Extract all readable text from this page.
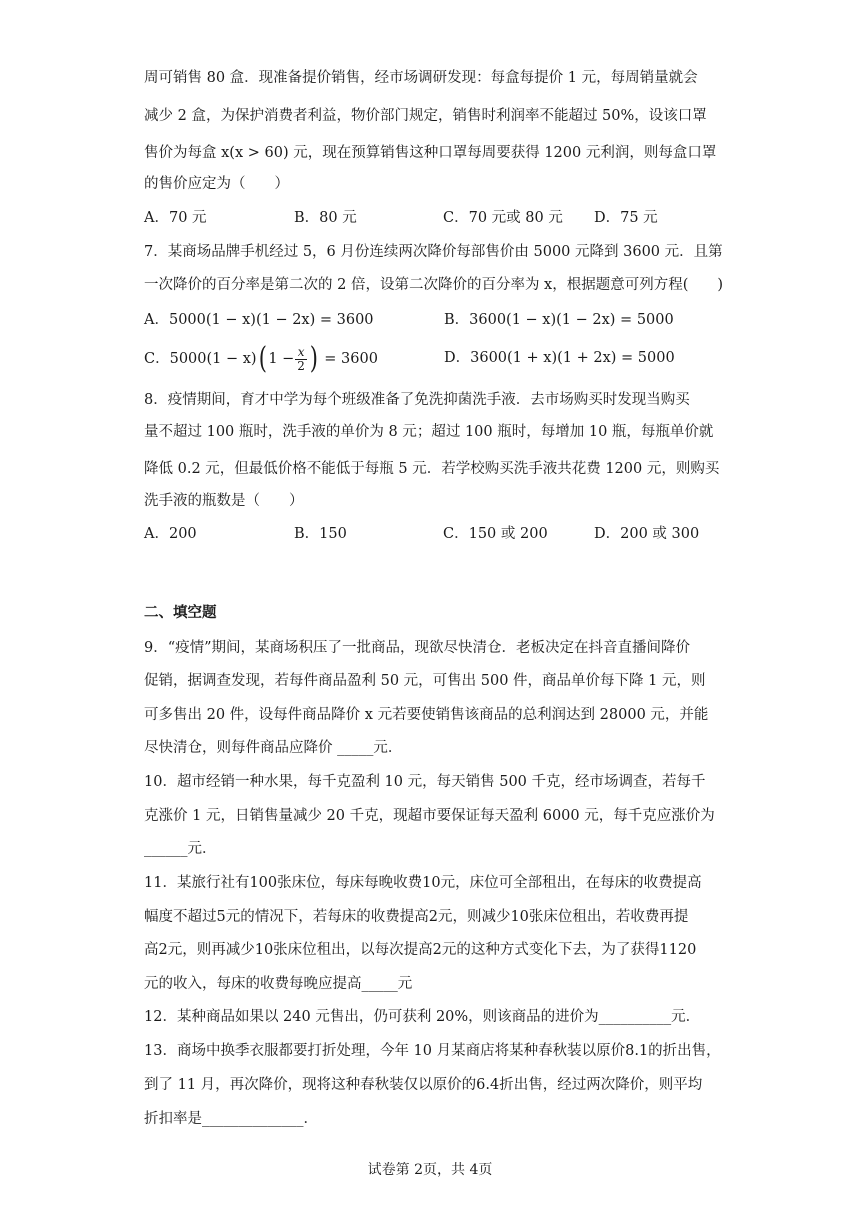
周可销售 80 盒．现准备提价销售，经市场调研发现：每盒每提价 1 元，每周销量就会
减少 2 盒，为保护消费者利益，物价部门规定，销售时利润率不能超过 50%，设该口罩
售价为每盒 x(x > 60) 元，现在预算销售这种口罩每周要获得 1200 元利润，则每盒口罩
的售价应定为（　　）
A．70 元	B．80 元	C．70 元或 80 元 D．75 元
7．某商场品牌手机经过 5，6 月份连续两次降价每部售价由 5000 元降到 3600 元．且第
一次降价的百分率是第二次的 2 倍，设第二次降价的百分率为 x，根据题意可列方程(　　)
A．5000(1 − x)(1 − 2x) = 3600	B．3600(1 − x)(1 − 2x) = 5000
C．5000(1 − x)( $1 - \frac{x}{2}$ ) = 3600	D．3600(1 + x)(1 + 2x) = 5000
8．疫情期间，育才中学为每个班级准备了免洗抑菌洗手液．去市场购买时发现当购买
量不超过 100 瓶时，洗手液的单价为 8 元；超过 100 瓶时，每增加 10 瓶，每瓶单价就
降低 0.2 元，但最低价格不能低于每瓶 5 元．若学校购买洗手液共花费 1200 元，则购买
洗手液的瓶数是（　　）
A．200	B．150	C．150 或 200	D．200 或 300
二、填空题
9．“疫情”期间，某商场积压了一批商品，现欲尽快清仓．老板决定在抖音直播间降价
促销，据调查发现，若每件商品盈利 50 元，可售出 500 件，商品单价每下降 1 元，则
可多售出 20 件，设每件商品降价 x 元若要使销售该商品的总利润达到 28000 元，并能
尽快清仓，则每件商品应降价 _____元．
10．超市经销一种水果，每千克盈利 10 元，每天销售 500 千克，经市场调查，若每千
克涨价 1 元，日销售量减少 20 千克，现超市要保证每天盈利 6000 元，每千克应涨价为
______元．
11．某旅行社有100张床位，每床每晚收费10元，床位可全部租出，在每床的收费提高
幅度不超过5元的情况下，若每床的收费提高2元，则减少10张床位租出，若收费再提
高2元，则再减少10张床位租出，以每次提高2元的这种方式变化下去，为了获得1120
元的收入，每床的收费每晚应提高_____元
12．某种商品如果以 240 元售出，仍可获利 20%，则该商品的进价为__________元．
13．商场中换季衣服都要打折处理，今年 10 月某商店将某种春秋装以原价8.1的折出售，
到了 11 月，再次降价，现将这种春秋装仅以原价的6.4折出售，经过两次降价，则平均
折扣率是______________．
试卷第 2页，共 4页
